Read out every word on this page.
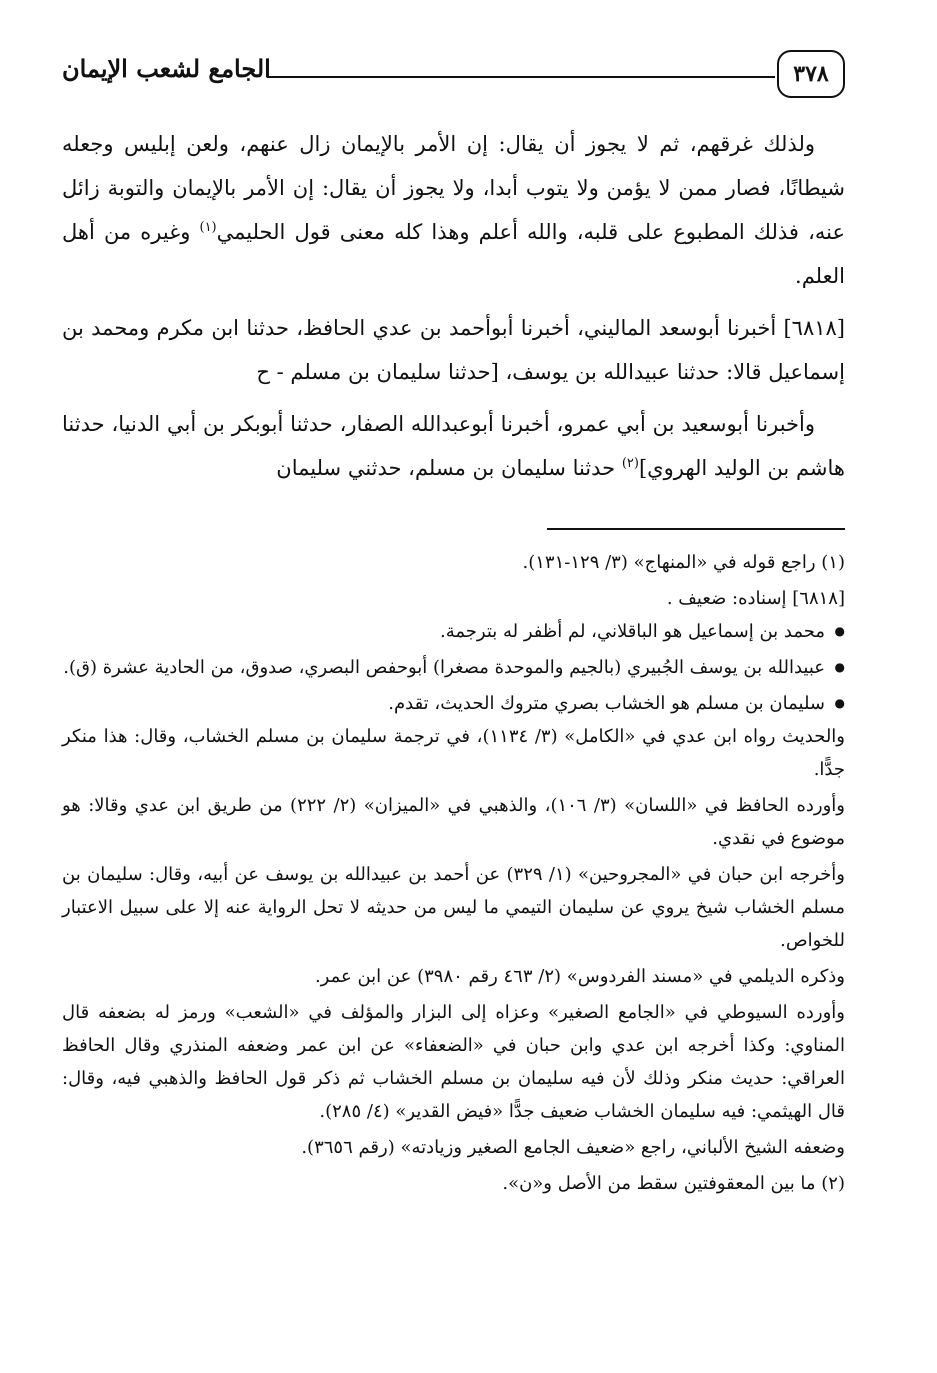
٣٧٨
الجامع لشعب الإيمان

ولذلك غرقهم، ثم لا يجوز أن يقال: إن الأمر بالإيمان زال عنهم، ولعن إبليس وجعله شيطانًا، فصار ممن لا يؤمن ولا يتوب أبدا، ولا يجوز أن يقال: إن الأمر بالإيمان والتوبة زائل عنه، فذلك المطبوع على قلبه، والله أعلم وهذا كله معنى قول الحليمي$^{(١)}$ وغيره من أهل العلم.

[٦٨١٨] أخبرنا أبوسعد الماليني، أخبرنا أبوأحمد بن عدي الحافظ، حدثنا ابن مكرم ومحمد بن إسماعيل قالا: حدثنا عبيدالله بن يوسف، [حدثنا سليمان بن مسلم - ح

وأخبرنا أبوسعيد بن أبي عمرو، أخبرنا أبوعبدالله الصفار، حدثنا أبوبكر بن أبي الدنيا، حدثنا هاشم بن الوليد الهروي]$^{(٢)}$ حدثنا سليمان بن مسلم، حدثني سليمان

(١) راجع قوله في «المنهاج» (٣/ ١٢٩-١٣١).

[٦٨١٨] إسناده: ضعيف .

● محمد بن إسماعيل هو الباقلاني، لم أظفر له بترجمة.
● عبيدالله بن يوسف الجُبيري (بالجيم والموحدة مصغرا) أبوحفص البصري، صدوق، من الحادية عشرة (ق).
● سليمان بن مسلم هو الخشاب بصري متروك الحديث، تقدم.

والحديث رواه ابن عدي في «الكامل» (٣/ ١١٣٤)، في ترجمة سليمان بن مسلم الخشاب، وقال: هذا منكر جدًّا.

وأورده الحافظ في «اللسان» (٣/ ١٠٦)، والذهبي في «الميزان» (٢/ ٢٢٢) من طريق ابن عدي وقالا: هو موضوع في نقدي.

وأخرجه ابن حبان في «المجروحين» (١/ ٣٢٩) عن أحمد بن عبيدالله بن يوسف عن أبيه، وقال: سليمان بن مسلم الخشاب شيخ يروي عن سليمان التيمي ما ليس من حديثه لا تحل الرواية عنه إلا على سبيل الاعتبار للخواص.

وذكره الديلمي في «مسند الفردوس» (٢/ ٤٦٣ رقم ٣٩٨٠) عن ابن عمر.

وأورده السيوطي في «الجامع الصغير» وعزاه إلى البزار والمؤلف في «الشعب» ورمز له بضعفه قال المناوي: وكذا أخرجه ابن عدي وابن حبان في «الضعفاء» عن ابن عمر وضعفه المنذري وقال الحافظ العراقي: حديث منكر وذلك لأن فيه سليمان بن مسلم الخشاب ثم ذكر قول الحافظ والذهبي فيه، وقال: قال الهيثمي: فيه سليمان الخشاب ضعيف جدًّا «فيض القدير» (٤/ ٢٨٥).

وضعفه الشيخ الألباني، راجع «ضعيف الجامع الصغير وزيادته» (رقم ٣٦٥٦).

(٢) ما بين المعقوفتين سقط من الأصل و«ن».
